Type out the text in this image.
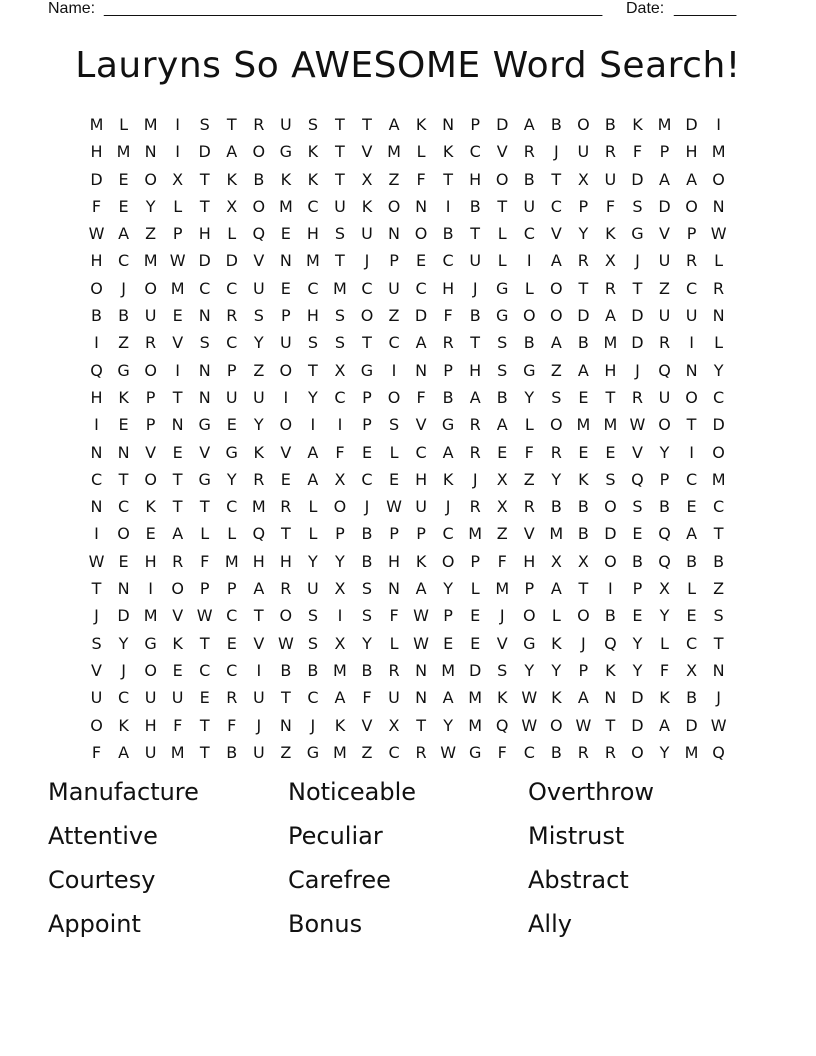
Name: ________________________________________________________ Date: _______
Lauryns So AWESOME Word Search!
M L M	I	S	T	R U	S	T	T	A	K N	P	D A	B O B	K M D	I
H M N	I	D A O G K	T	V M L	K	C V	R	J	U R	F	P	H M
D E O X	T	K	B	K	K	T	X	Z	F	T	H O B	T	X U D A	A O
F	E	Y	L	T	X O M C U K O N	I	B	T	U C	P	F	S D O N
W A	Z	P	H	L	Q E H S	U N O B	T	L	C V	Y	K G V	P W
H C M W D D V N M T	J	P	E	C U	L	I	A	R	X	J	U R	L
O	J	O M C C U	E	C M C U C H	J	G	L	O T	R	T	Z C R
B	B U	E	N R	S	P	H S O Z D	F	B G O O D A D U U N
I	Z	R	V	S	C	Y	U	S	S	T	C A	R	T	S	B	A	B M D R	I	L
Q G O	I	N	P	Z O T	X G	I	N	P	H S G Z	A H	J	Q N	Y
H K	P	T	N U U	I	Y	C	P O	F	B	A	B	Y	S	E	T	R U O C
I	E	P	N G E	Y O	I	I	P	S	V G R	A	L	O M M W O T	D
N N V	E	V G K	V	A	F	E	L	C A	R	E	F	R	E	E	V	Y	I	O
C	T O T G Y	R	E	A	X C	E H K	J	X	Z	Y	K	S Q P	C M
N C	K	T	T	C M R	L	O	J	W U	J	R	X	R	B	B O S	B	E	C
I	O E	A	L	L	Q T	L	P	B	P	P	C M Z	V M B D E Q A	T
W E H R	F M H H	Y	Y	B H K O P	F	H X	X O B Q B	B
T	N	I	O P	P	A	R U X	S N A	Y	L M P	A	T	I	P	X	L	Z
J	D M V W C	T O S	I	S	F W P	E	J	O	L	O B	E	Y	E	S
S	Y G K	T	E	V W S	X	Y	L W E	E	V G K	J	Q Y	L	C	T
V	J	O E	C C	I	B	B M B R N M D S	Y	Y	P	K	Y	F	X N
U C U U	E	R U	T	C A	F	U N A M K W K	A N D K	B	J
O K H	F	T	F	J	N	J	K	V	X	T	Y M Q W O W T	D A D W
F	A U M T	B U Z G M Z C R W G	F	C B R R O Y M Q
Manufacture	Noticeable	Overthrow
Attentive	Peculiar	Mistrust
Courtesy	Carefree	Abstract
Appoint	Bonus	Ally
